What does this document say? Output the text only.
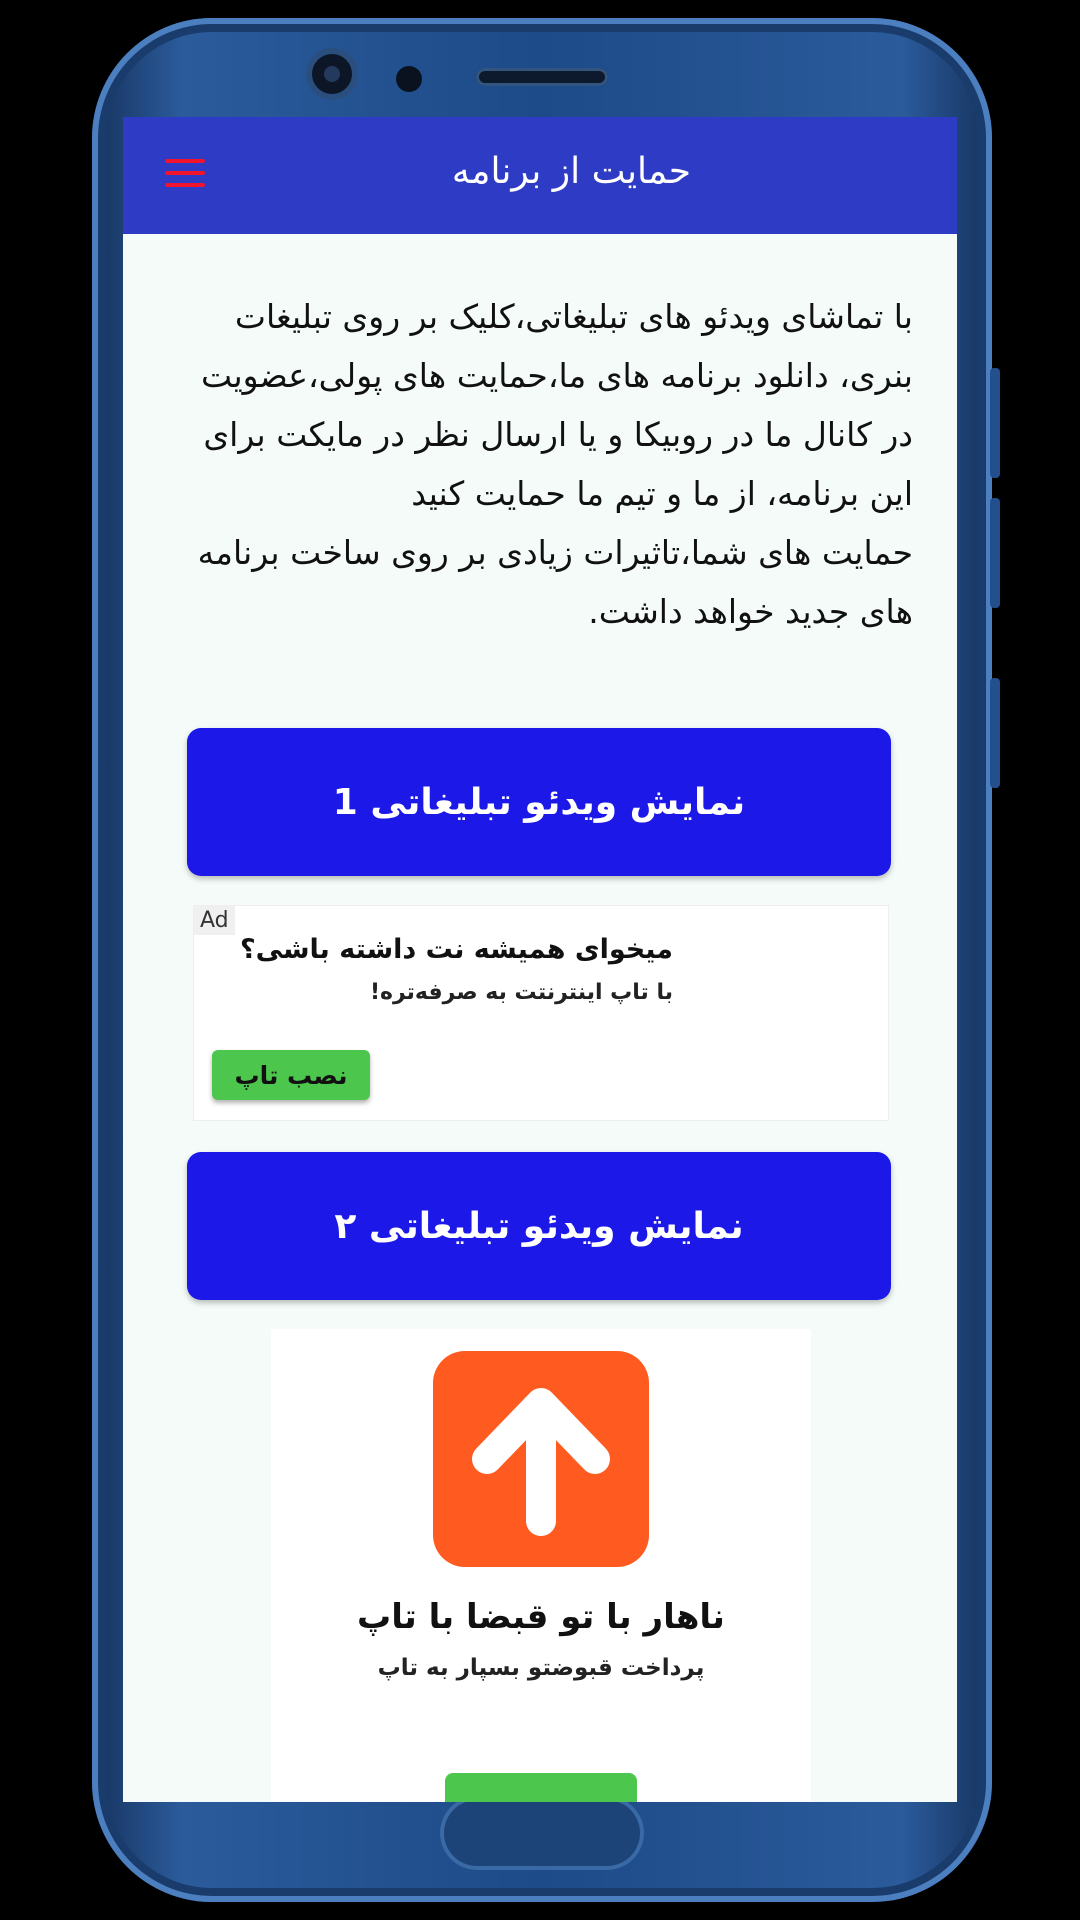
حمایت از برنامه

با تماشای ویدئو های تبلیغاتی،کلیک بر روی تبلیغات بنری، دانلود برنامه های ما،حمایت های پولی،عضویت در کانال ما در روبیکا و یا ارسال نظر در مایکت برای این برنامه، از ما و تیم ما حمایت کنید

حمایت های شما،تاثیرات زیادی بر روی ساخت برنامه های جدید خواهد داشت.

نمایش ویدئو تبلیغاتی 1
Ad
میخوای همیشه نت داشته باشی؟
با تاپ اینترنتت به صرفه‌تره!
نصب تاپ
نمایش ویدئو تبلیغاتی ۲
ناهار با تو قبضا با تاپ
پرداخت قبوضتو بسپار به تاپ
